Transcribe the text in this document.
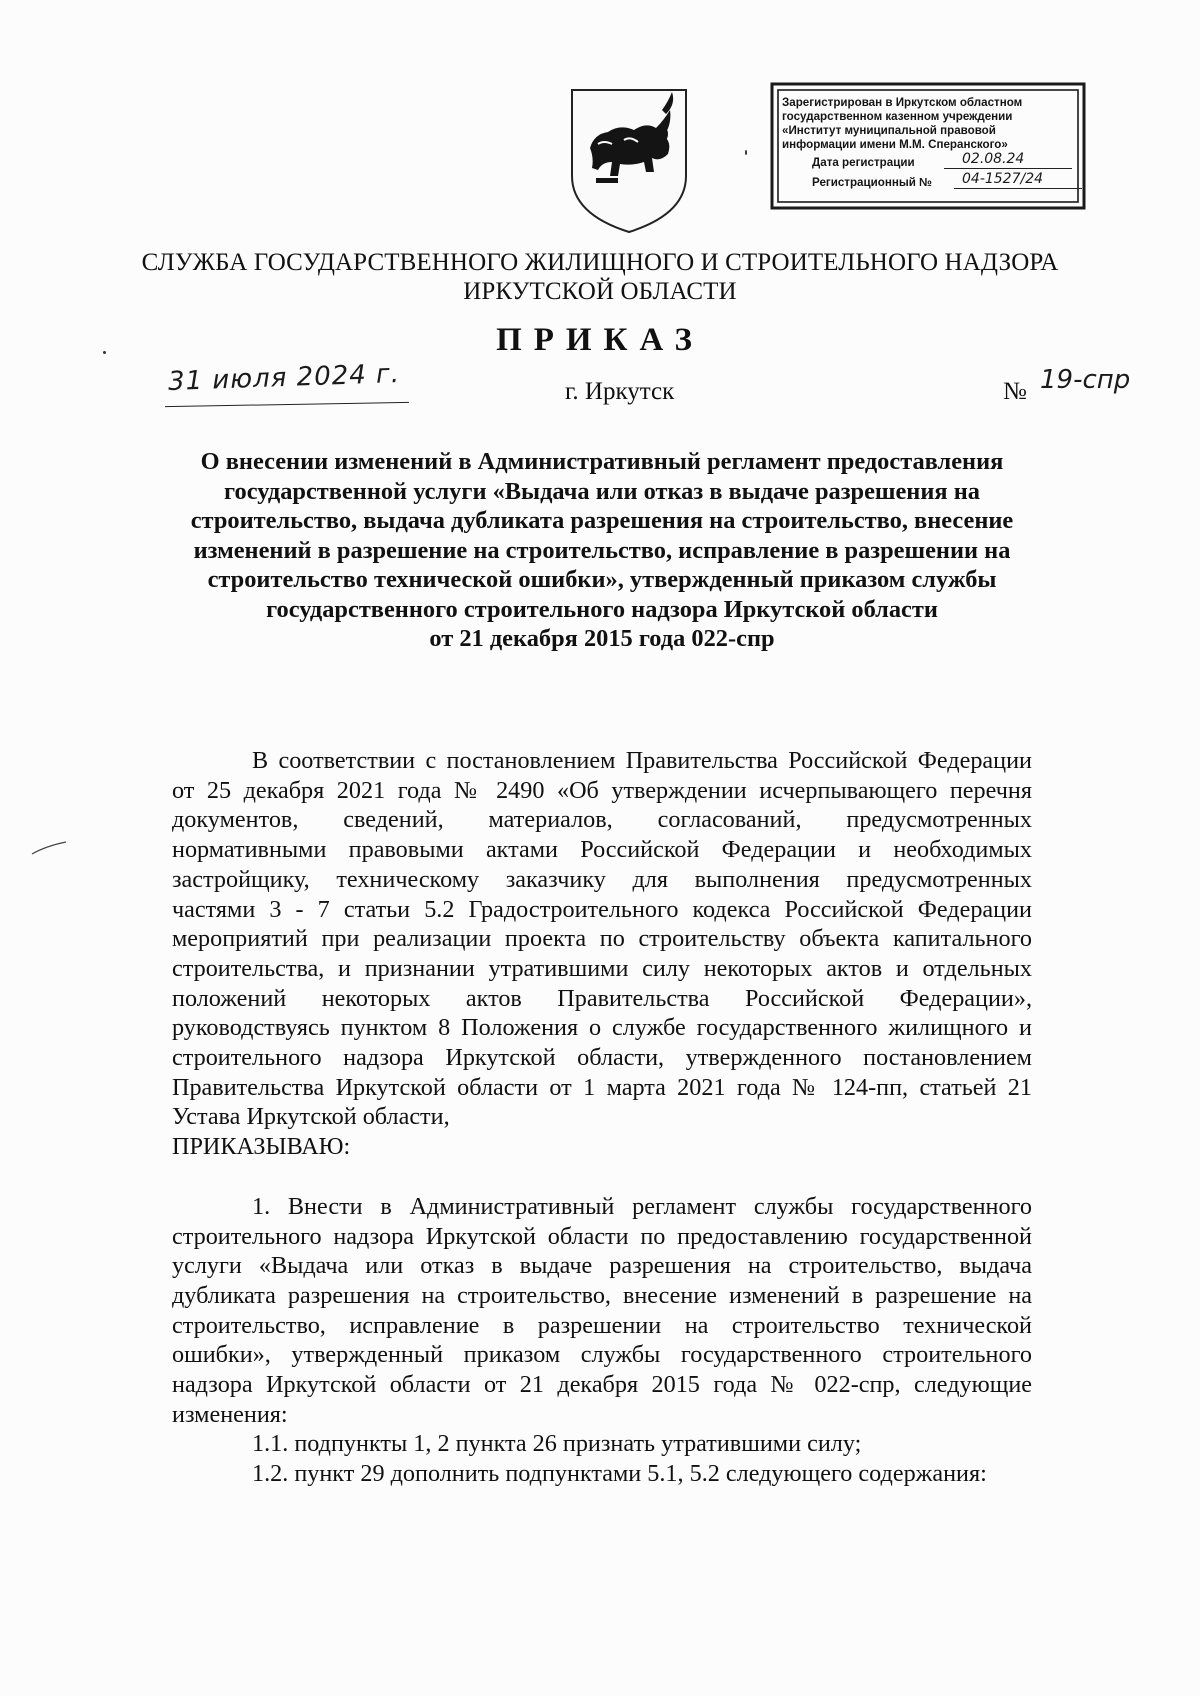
Зарегистрирован в Иркутском областном
государственном казенном учреждении
«Институт муниципальной правовой
информации имени М.М. Сперанского»
Дата регистрации	02.08.24
Регистрационный № 04-1527/24
СЛУЖБА ГОСУДАРСТВЕННОГО ЖИЛИЩНОГО И СТРОИТЕЛЬНОГО НАДЗОРА
ИРКУТСКОЙ ОБЛАСТИ
ПРИКАЗ
31 июля 2024 г.	г. Иркутск	№ 19-спр
О внесении изменений в Административный регламент предоставления
государственной услуги «Выдача или отказ в выдаче разрешения на
строительство, выдача дубликата разрешения на строительство, внесение
изменений в разрешение на строительство, исправление в разрешении на
строительство технической ошибки», утвержденный приказом службы
государственного строительного надзора Иркутской области
от 21 декабря 2015 года 022-спр

В соответствии с постановлением Правительства Российской Федерации

от 25 декабря 2021 года № 2490 «Об утверждении исчерпывающего перечня

документов, сведений, материалов, согласований, предусмотренных

нормативными правовыми актами Российской Федерации и необходимых

застройщику, техническому заказчику для выполнения предусмотренных

частями 3 - 7 статьи 5.2 Градостроительного кодекса Российской Федерации

мероприятий при реализации проекта по строительству объекта капитального

строительства, и признании утратившими силу некоторых актов и отдельных

положений некоторых актов Правительства Российской Федерации»,

руководствуясь пунктом 8 Положения о службе государственного жилищного и

строительного надзора Иркутской области, утвержденного постановлением

Правительства Иркутской области от 1 марта 2021 года № 124-пп, статьей 21

Устава Иркутской области,

ПРИКАЗЫВАЮ:

1. Внести в Административный регламент службы государственного

строительного надзора Иркутской области по предоставлению государственной

услуги «Выдача или отказ в выдаче разрешения на строительство, выдача

дубликата разрешения на строительство, внесение изменений в разрешение на

строительство, исправление в разрешении на строительство технической

ошибки», утвержденный приказом службы государственного строительного

надзора Иркутской области от 21 декабря 2015 года № 022-спр, следующие

изменения:

1.1. подпункты 1, 2 пункта 26 признать утратившими силу;

1.2. пункт 29 дополнить подпунктами 5.1, 5.2 следующего содержания:
